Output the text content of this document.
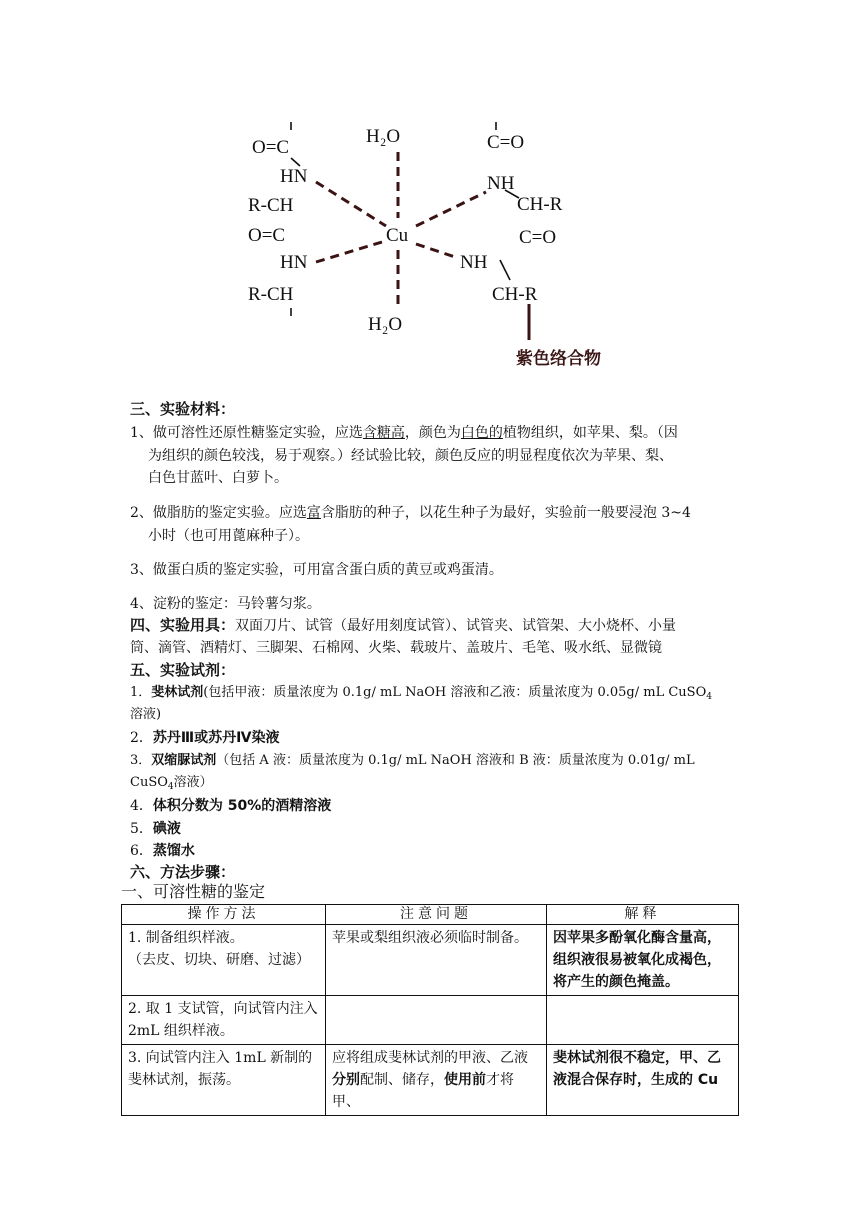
O=C
HN
R-CH
O=C
HN
R-CH
H₂O
Cu
H₂O
C=O
NH
CH-R
C=O
NH
CH-R
紫色络合物
三、实验材料：
1、做可溶性还原性糖鉴定实验，应选含糖高，颜色为白色的植物组织，如苹果、梨。（因
为组织的颜色较浅，易于观察。）经试验比较，颜色反应的明显程度依次为苹果、梨、
白色甘蓝叶、白萝卜。
2、做脂肪的鉴定实验。应选富含脂肪的种子，以花生种子为最好，实验前一般要浸泡 3~4
小时（也可用蓖麻种子）。
3、做蛋白质的鉴定实验，可用富含蛋白质的黄豆或鸡蛋清。
4、淀粉的鉴定：马铃薯匀浆。
四、实验用具：双面刀片、试管（最好用刻度试管）、试管夹、试管架、大小烧杯、小量
筒、滴管、酒精灯、三脚架、石棉网、火柴、载玻片、盖玻片、毛笔、吸水纸、显微镜
五、实验试剂：
1．斐林试剂(包括甲液：质量浓度为 0.1g/ mL NaOH 溶液和乙液：质量浓度为 0.05g/ mL CuSO$_4$
溶液)
2．苏丹Ⅲ或苏丹Ⅳ染液
3．双缩脲试剂（包括 A 液：质量浓度为 0.1g/ mL NaOH 溶液和 B 液：质量浓度为 0.01g/ mL
CuSO$_4$溶液）
4．体积分数为 50%的酒精溶液
5．碘液
6．蒸馏水
六、方法步骤：
一、可溶性糖的鉴定
操作方法	注意问题	解释

1. 制备组织样液。
（去皮、切块、研磨、过滤）	苹果或梨组织液必须临时制备。	因苹果多酚氧化酶含量高，组织液很易被氧化成褐色，将产生的颜色掩盖。
2. 取 1 支试管，向试管内注入 2mL 组织样液。		
3. 向试管内注入 1mL 新制的斐林试剂，振荡。	应将组成斐林试剂的甲液、乙液分别配制、储存，使用前才将甲、	斐林试剂很不稳定，甲、乙液混合保存时，生成的 Cu
